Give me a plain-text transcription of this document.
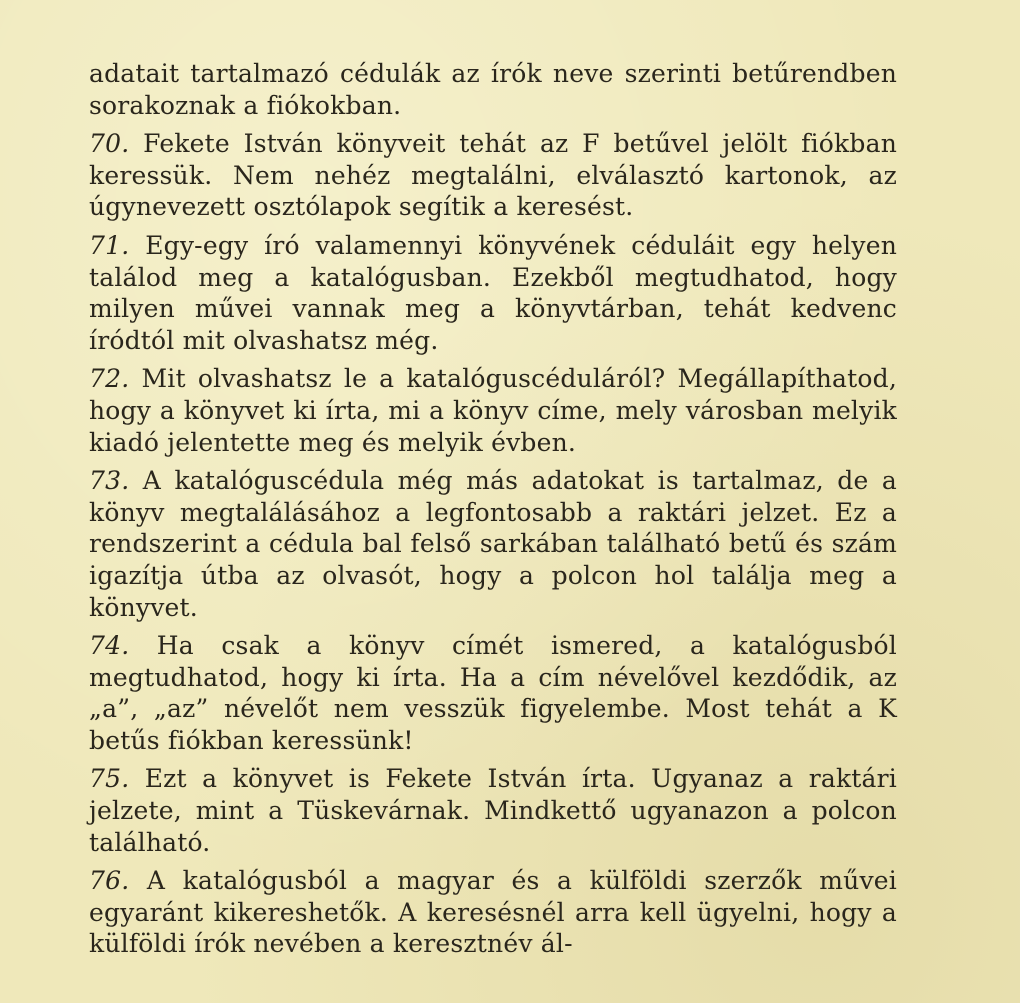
adatait tartalmazó cédulák az írók neve szerinti betűrendben sorakoznak a fiókokban.

70. Fekete István könyveit tehát az F betűvel jelölt fiókban keressük. Nem nehéz megtalálni, elválasztó kartonok, az úgynevezett osztólapok segítik a keresést.

71. Egy-egy író valamennyi könyvének céduláit egy helyen találod meg a katalógusban. Ezekből megtudhatod, hogy milyen művei vannak meg a könyvtárban, tehát kedvenc íródtól mit olvashatsz még.

72. Mit olvashatsz le a katalóguscéduláról? Megállapíthatod, hogy a könyvet ki írta, mi a könyv címe, mely városban melyik kiadó jelentette meg és melyik évben.

73. A katalóguscédula még más adatokat is tartalmaz, de a könyv megtalálásához a legfontosabb a raktári jelzet. Ez a rendszerint a cédula bal felső sarkában található betű és szám igazítja útba az olvasót, hogy a polcon hol találja meg a könyvet.

74. Ha csak a könyv címét ismered, a katalógusból megtudhatod, hogy ki írta. Ha a cím névelővel kezdődik, az „a”, „az” névelőt nem vesszük figyelembe. Most tehát a K betűs fiókban keressünk!

75. Ezt a könyvet is Fekete István írta. Ugyanaz a raktári jelzete, mint a Tüskevárnak. Mindkettő ugyanazon a polcon található.

76. A katalógusból a magyar és a külföldi szerzők művei egyaránt kikereshetők. A keresésnél arra kell ügyelni, hogy a külföldi írók nevében a keresztnév ál-
